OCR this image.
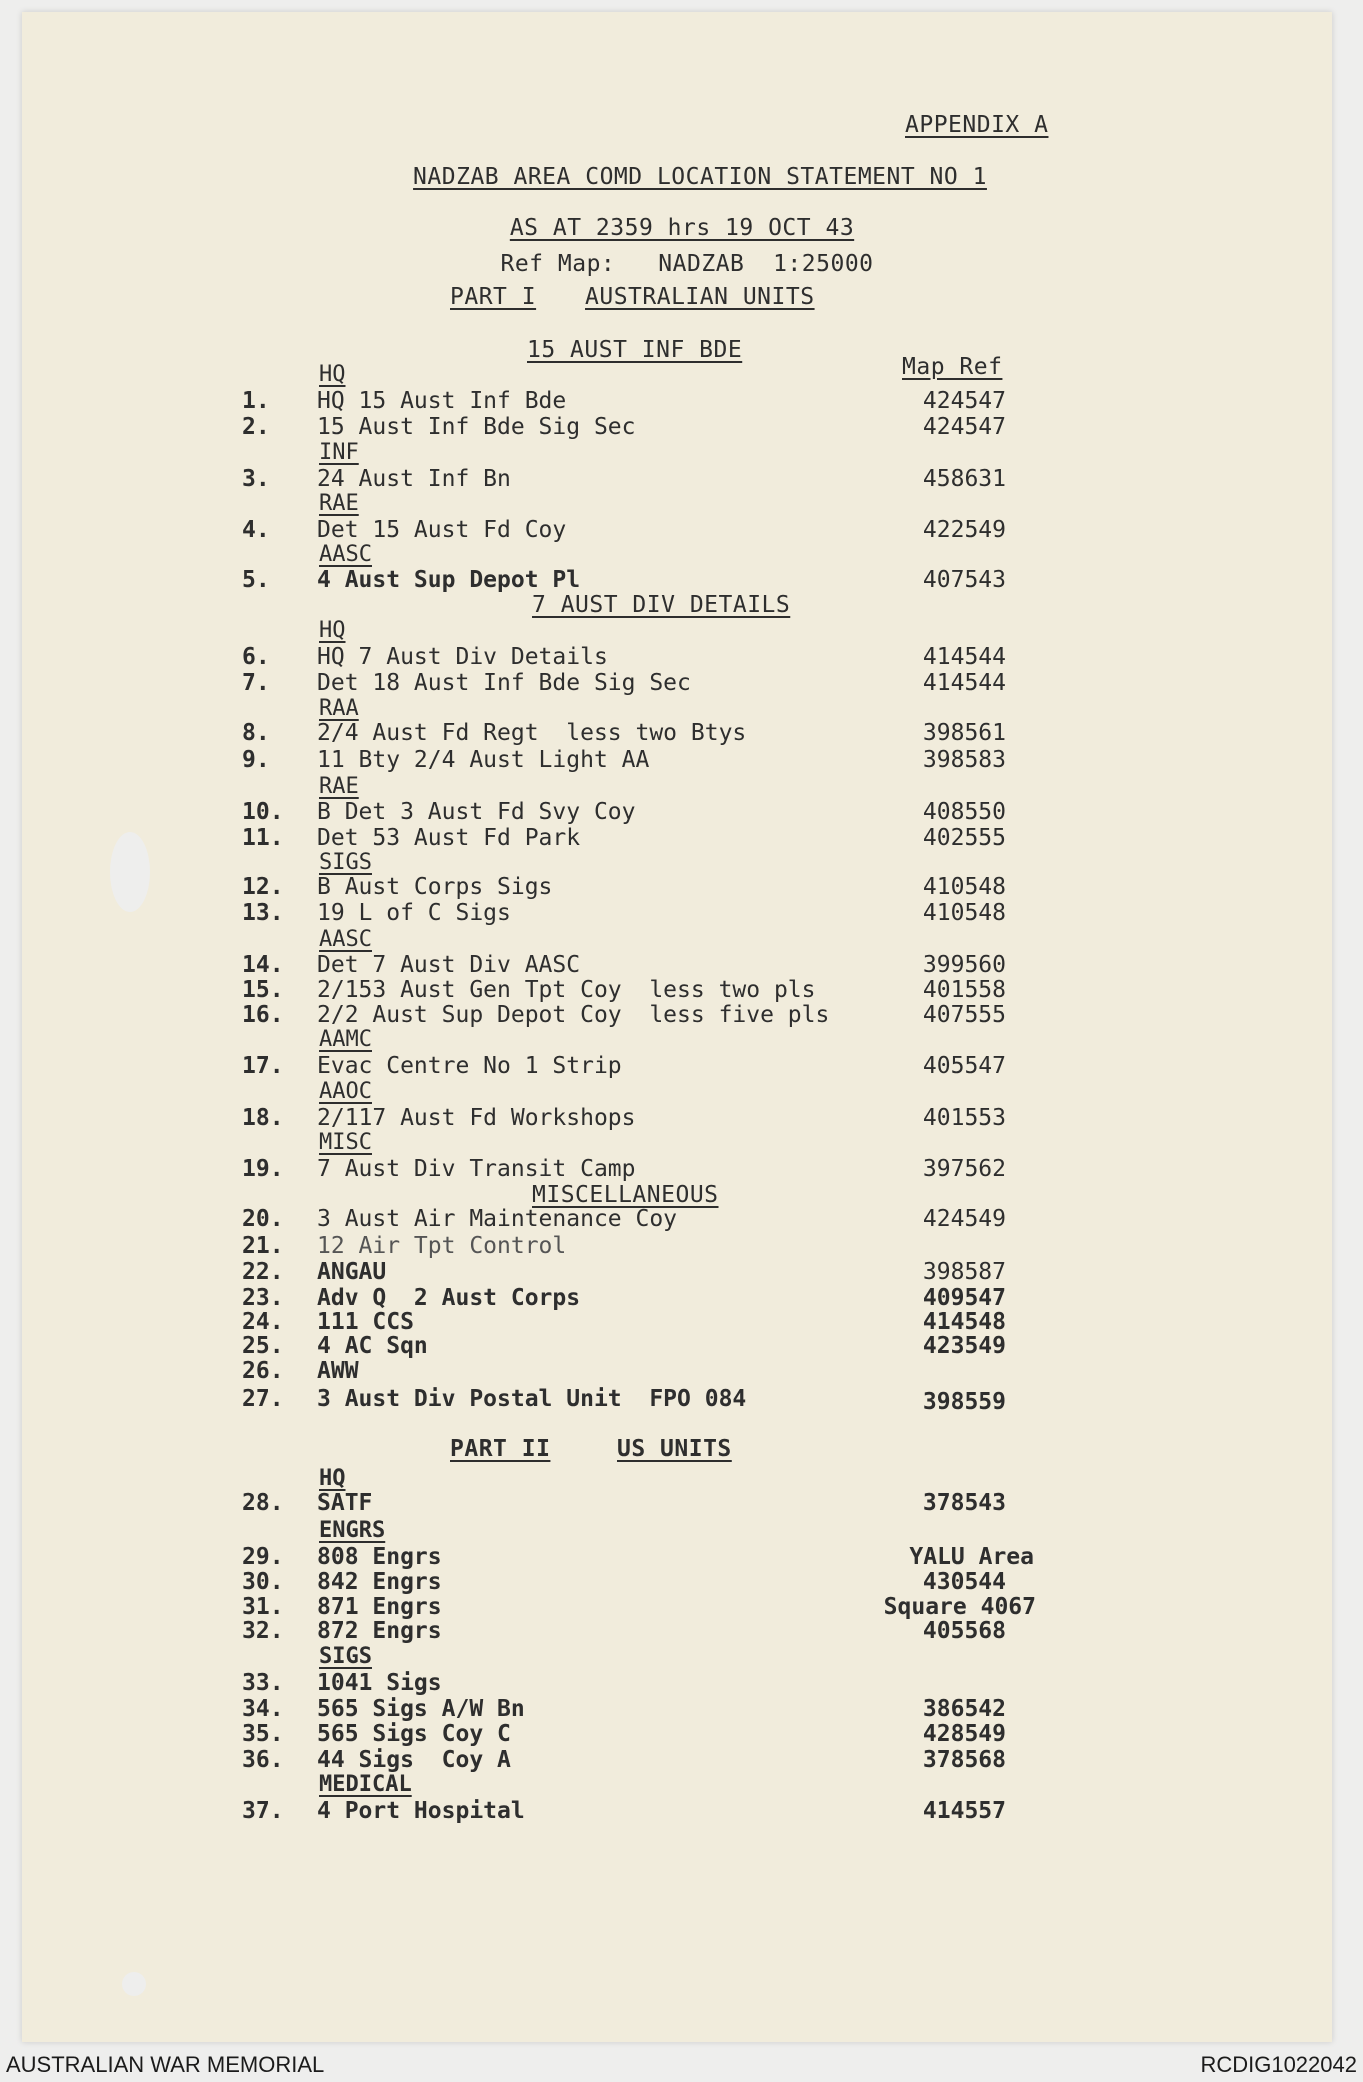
APPENDIX A
NADZAB AREA COMD LOCATION STATEMENT NO 1
AS AT 2359 hrs 19 OCT 43
Ref Map:   NADZAB  1:25000
PART I AUSTRALIAN UNITS
15 AUST INF BDE
Map Ref
HQ
1. HQ 15 Aust Inf Bde	424547
2. 15 Aust Inf Bde Sig Sec	424547
INF
3. 24 Aust Inf Bn	458631
RAE
4. Det 15 Aust Fd Coy	422549
AASC
5. 4 Aust Sup Depot Pl	407543
7 AUST DIV DETAILS
HQ
6. HQ 7 Aust Div Details	414544
7. Det 18 Aust Inf Bde Sig Sec	414544
RAA
8. 2/4 Aust Fd Regt  less two Btys	398561
9. 11 Bty 2/4 Aust Light AA	398583
RAE
10. B Det 3 Aust Fd Svy Coy	408550
11. Det 53 Aust Fd Park	402555
SIGS
12. B Aust Corps Sigs	410548
13. 19 L of C Sigs	410548
AASC
14. Det 7 Aust Div AASC	399560
15. 2/153 Aust Gen Tpt Coy  less two pls	401558
16. 2/2 Aust Sup Depot Coy  less five pls	407555
AAMC
17. Evac Centre No 1 Strip	405547
AAOC
18. 2/117 Aust Fd Workshops	401553
MISC
19. 7 Aust Div Transit Camp	397562
MISCELLANEOUS
20. 3 Aust Air Maintenance Coy	424549
21. 12 Air Tpt Control
22. ANGAU	398587
23. Adv Q  2 Aust Corps	409547
24. 111 CCS	414548
25. 4 AC Sqn	423549
26. AWW
27. 3 Aust Div Postal Unit  FPO 084	398559
PART II	US UNITS
HQ
28. SATF	378543
ENGRS
29. 808 Engrs	YALU Area
30. 842 Engrs	430544
31. 871 Engrs	Square 4067
32. 872 Engrs	405568
SIGS
33. 1041 Sigs
34. 565 Sigs A/W Bn	386542
35. 565 Sigs Coy C	428549
36. 44 Sigs  Coy A	378568
MEDICAL
37. 4 Port Hospital	414557
AUSTRALIAN WAR MEMORIAL	RCDIG1022042
